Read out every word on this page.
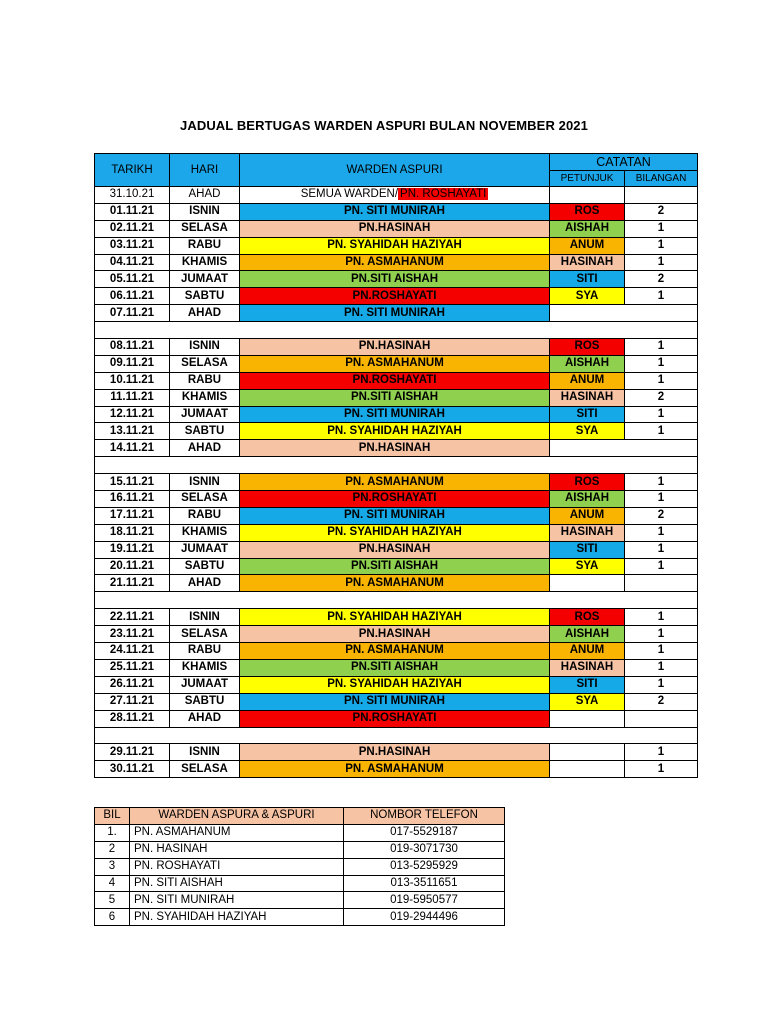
JADUAL BERTUGAS WARDEN ASPURI BULAN NOVEMBER 2021
TARIKH	HARI	WARDEN ASPURI	CATATAN	
			PETUNJUK	BILANGAN
31.10.21	AHAD	SEMUA WARDEN/ PN. ROSHAYATI		
01.11.21	ISNIN	PN. SITI MUNIRAH	ROS	2
02.11.21	SELASA	PN.HASINAH	AISHAH	1
03.11.21	RABU	PN. SYAHIDAH HAZIYAH	ANUM	1
04.11.21	KHAMIS	PN. ASMAHANUM	HASINAH	1
05.11.21	JUMAAT	PN.SITI AISHAH	SITI	2
06.11.21	SABTU	PN.ROSHAYATI	SYA	1
07.11.21	AHAD	PN. SITI MUNIRAH		

08.11.21	ISNIN	PN.HASINAH	ROS	1
09.11.21	SELASA	PN. ASMAHANUM	AISHAH	1
10.11.21	RABU	PN.ROSHAYATI	ANUM	1
11.11.21	KHAMIS	PN.SITI AISHAH	HASINAH	2
12.11.21	JUMAAT	PN. SITI MUNIRAH	SITI	1
13.11.21	SABTU	PN. SYAHIDAH HAZIYAH	SYA	1
14.11.21	AHAD	PN.HASINAH		

15.11.21	ISNIN	PN. ASMAHANUM	ROS	1
16.11.21	SELASA	PN.ROSHAYATI	AISHAH	1
17.11.21	RABU	PN. SITI MUNIRAH	ANUM	2
18.11.21	KHAMIS	PN. SYAHIDAH HAZIYAH	HASINAH	1
19.11.21	JUMAAT	PN.HASINAH	SITI	1
20.11.21	SABTU	PN.SITI AISHAH	SYA	1
21.11.21	AHAD	PN. ASMAHANUM		

22.11.21	ISNIN	PN. SYAHIDAH HAZIYAH	ROS	1
23.11.21	SELASA	PN.HASINAH	AISHAH	1
24.11.21	RABU	PN. ASMAHANUM	ANUM	1
25.11.21	KHAMIS	PN.SITI AISHAH	HASINAH	1
26.11.21	JUMAAT	PN. SYAHIDAH HAZIYAH	SITI	1
27.11.21	SABTU	PN. SITI MUNIRAH	SYA	2
28.11.21	AHAD	PN.ROSHAYATI		

29.11.21	ISNIN	PN.HASINAH		1
30.11.21	SELASA	PN. ASMAHANUM		1
BIL	WARDEN ASPURA & ASPURI	NOMBOR TELEFON
1.	PN. ASMAHANUM	017-5529187
2	PN. HASINAH	019-3071730
3	PN. ROSHAYATI	013-5295929
4	PN. SITI AISHAH	013-3511651
5	PN. SITI MUNIRAH	019-5950577
6	PN. SYAHIDAH HAZIYAH	019-2944496
